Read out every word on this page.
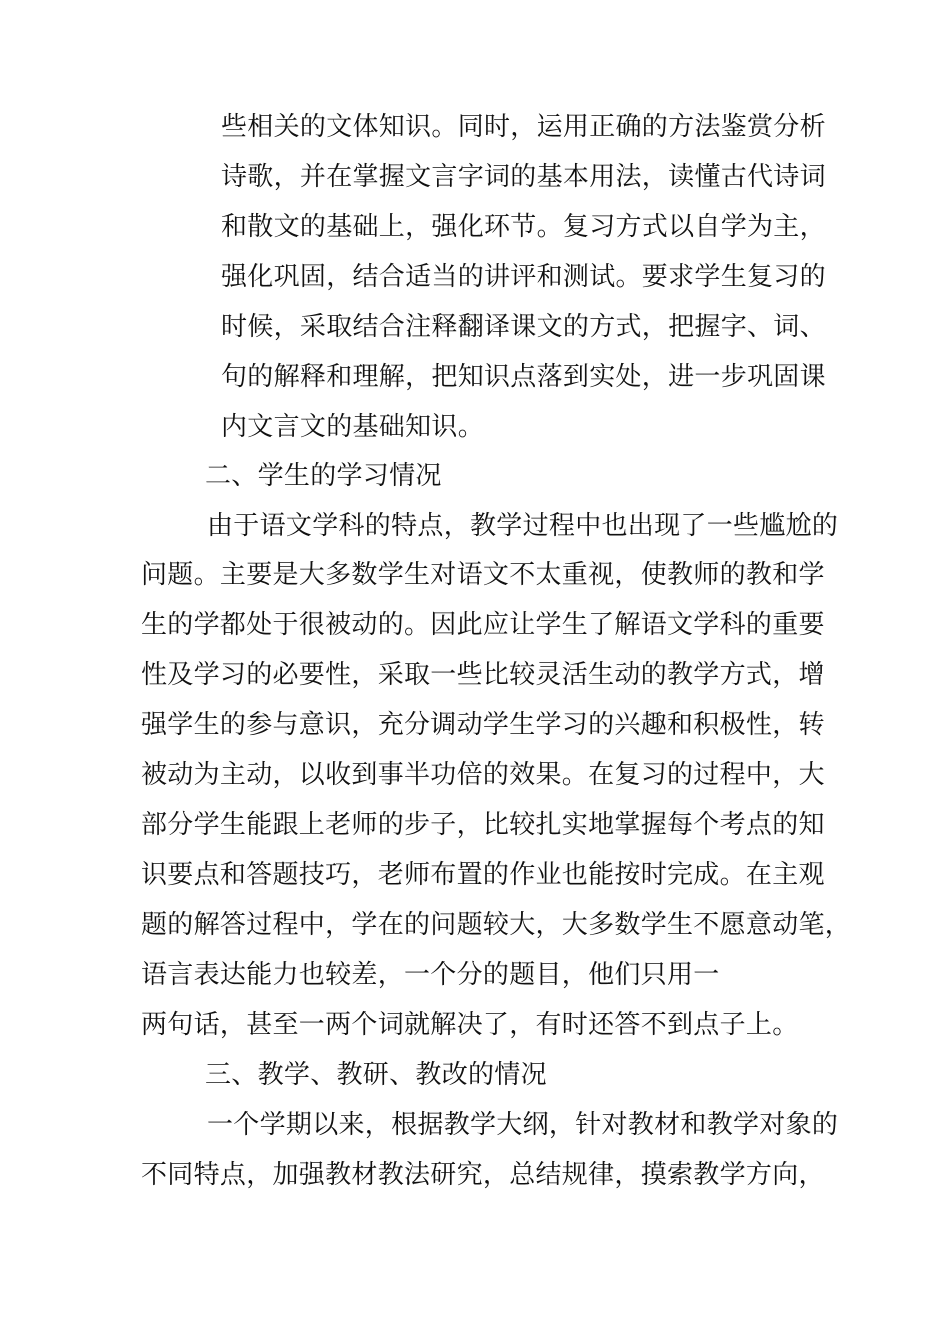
些相关的文体知识。同时，运用正确的方法鉴赏分析
诗歌，并在掌握文言字词的基本用法，读懂古代诗词
和散文的基础上，强化环节。复习方式以自学为主，
强化巩固，结合适当的讲评和测试。要求学生复习的
时候，采取结合注释翻译课文的方式，把握字、词、
句的解释和理解，把知识点落到实处，进一步巩固课
内文言文的基础知识。
二、学生的学习情况
由于语文学科的特点，教学过程中也出现了一些尴尬的
问题。主要是大多数学生对语文不太重视，使教师的教和学
生的学都处于很被动的。因此应让学生了解语文学科的重要
性及学习的必要性，采取一些比较灵活生动的教学方式，增
强学生的参与意识，充分调动学生学习的兴趣和积极性，转
被动为主动，以收到事半功倍的效果。在复习的过程中，大
部分学生能跟上老师的步子，比较扎实地掌握每个考点的知
识要点和答题技巧，老师布置的作业也能按时完成。在主观
题的解答过程中，学在的问题较大，大多数学生不愿意动笔，
语言表达能力也较差，一个分的题目，他们只用一
两句话，甚至一两个词就解决了，有时还答不到点子上。
三、教学、教研、教改的情况
一个学期以来，根据教学大纲，针对教材和教学对象的
不同特点，加强教材教法研究，总结规律，摸索教学方向，
